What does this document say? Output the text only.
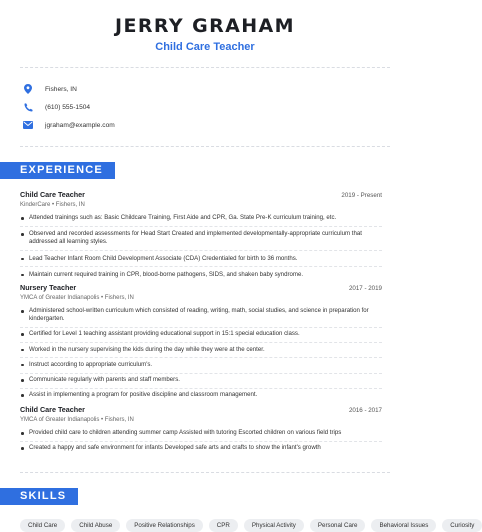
JERRY GRAHAM
Child Care Teacher
Fishers, IN
(610) 555-1504
jgraham@example.com
EXPERIENCE
Child Care Teacher	2019 - Present
KinderCare • Fishers, IN
Attended trainings such as: Basic Childcare Training, First Aide and CPR, Ga. State Pre-K curriculum training, etc.
Observed and recorded assessments for Head Start Created and implemented developmentally-appropriate curriculum that addressed all learning styles.
Lead Teacher Infant Room Child Development Associate (CDA) Credentialed for birth to 36 months.
Maintain current required training in CPR, blood-borne pathogens, SIDS, and shaken baby syndrome.
Nursery Teacher	2017 - 2019
YMCA of Greater Indianapolis • Fishers, IN
Administered school-written curriculum which consisted of reading, writing, math, social studies, and science in preparation for kindergarten.
Certified for Level 1 teaching assistant providing educational support in 15:1 special education class.
Worked in the nursery supervising the kids during the day while they were at the center.
Instruct according to appropriate curriculum's.
Communicate regularly with parents and staff members.
Assist in implementing a program for positive discipline and classroom management.
Child Care Teacher	2016 - 2017
YMCA of Greater Indianapolis • Fishers, IN
Provided child care to children attending summer camp Assisted with tutoring Escorted children on various field trips
Created a happy and safe environment for infants Developed safe arts and crafts to show the infant's growth
SKILLS
Child Care	Child Abuse	Positive Relationships	CPR	Physical Activity	Personal Care	Behavioral Issues	Curiosity
